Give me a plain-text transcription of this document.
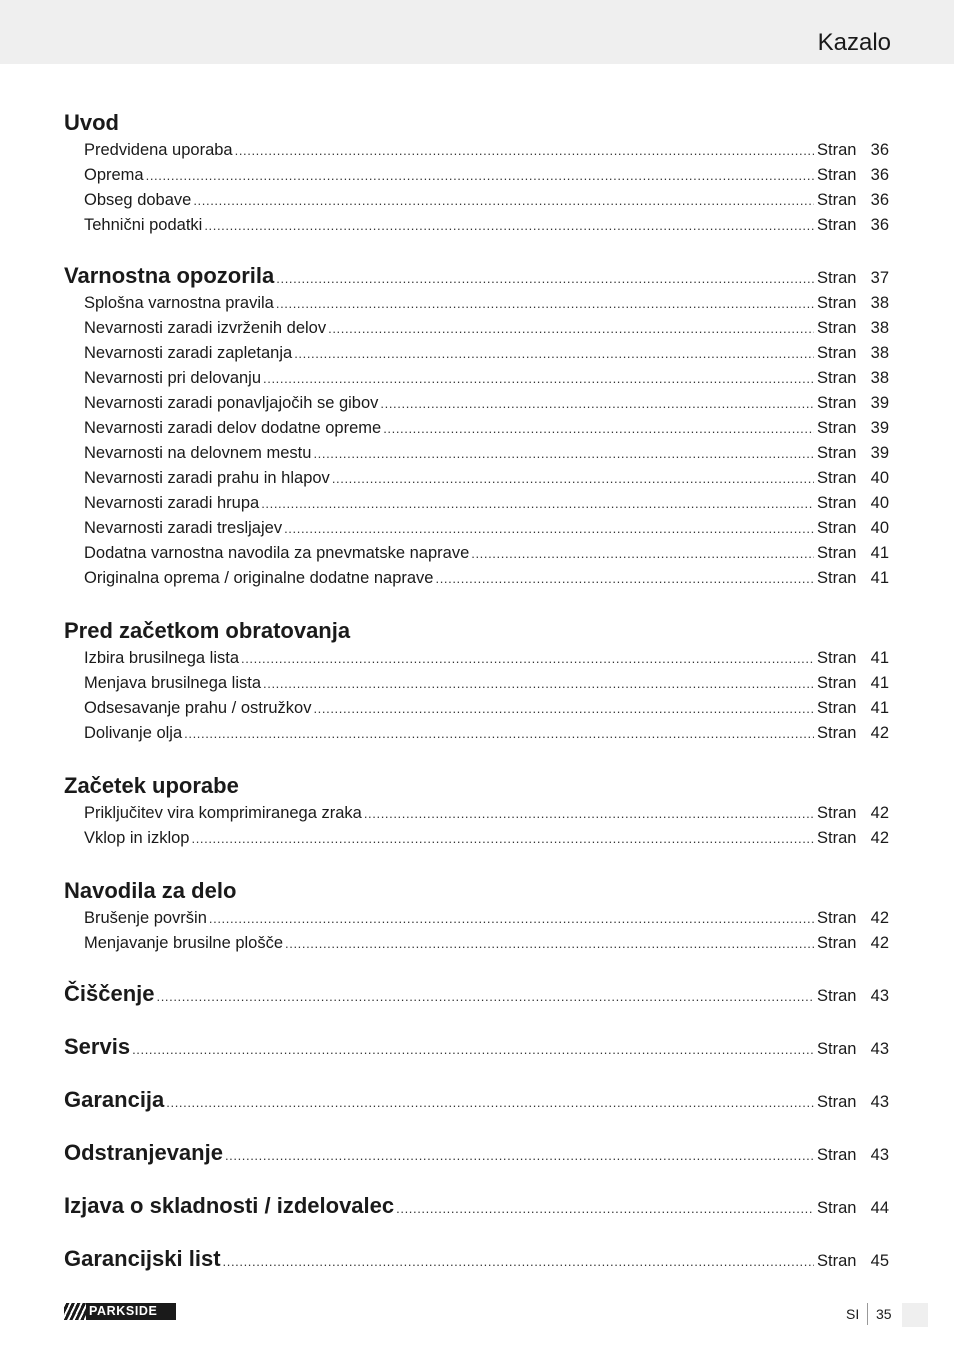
Kazalo
Uvod
Predvidena uporaba .....	Stran 36
Oprema .....	Stran 36
Obseg dobave .....	Stran 36
Tehnični podatki .....	Stran 36
Varnostna opozorila .....	Stran 37
Splošna varnostna pravila .....	Stran 38
Nevarnosti zaradi izvrženih delov .....	Stran 38
Nevarnosti zaradi zapletanja .....	Stran 38
Nevarnosti pri delovanju .....	Stran 38
Nevarnosti zaradi ponavljajočih se gibov .....	Stran 39
Nevarnosti zaradi delov dodatne opreme .....	Stran 39
Nevarnosti na delovnem mestu .....	Stran 39
Nevarnosti zaradi prahu in hlapov .....	Stran 40
Nevarnosti zaradi hrupa .....	Stran 40
Nevarnosti zaradi tresljajev .....	Stran 40
Dodatna varnostna navodila za pnevmatske naprave .....	Stran 41
Originalna oprema / originalne dodatne naprave .....	Stran 41
Pred začetkom obratovanja
Izbira brusilnega lista .....	Stran 41
Menjava brusilnega lista .....	Stran 41
Odsesavanje prahu / ostružkov .....	Stran 41
Dolivanje olja .....	Stran 42
Začetek uporabe
Priključitev vira komprimiranega zraka .....	Stran 42
Vklop in izklop .....	Stran 42
Navodila za delo
Brušenje površin .....	Stran 42
Menjavanje brusilne plošče .....	Stran 42
Čiščenje .....	Stran 43
Servis .....	Stran 43
Garancija .....	Stran 43
Odstranjevanje .....	Stran 43
Izjava o skladnosti / izdelovalec .....	Stran 44
Garancijski list .....	Stran 45
PARKSIDE	SI 35
